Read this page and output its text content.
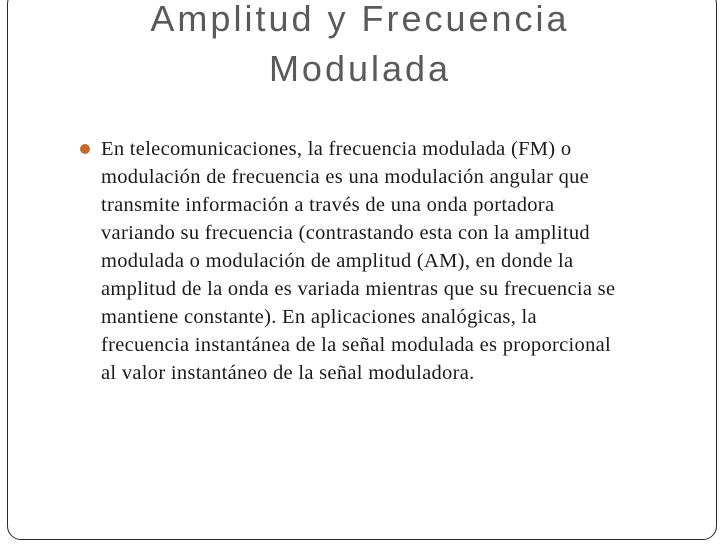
Amplitud y Frecuencia
Modulada
En telecomunicaciones, la frecuencia modulada (FM) o
modulación de frecuencia es una modulación angular que
transmite información a través de una onda portadora
variando su frecuencia (contrastando esta con la amplitud
modulada o modulación de amplitud (AM), en donde la
amplitud de la onda es variada mientras que su frecuencia se
mantiene constante). En aplicaciones analógicas, la
frecuencia instantánea de la señal modulada es proporcional
al valor instantáneo de la señal moduladora.
